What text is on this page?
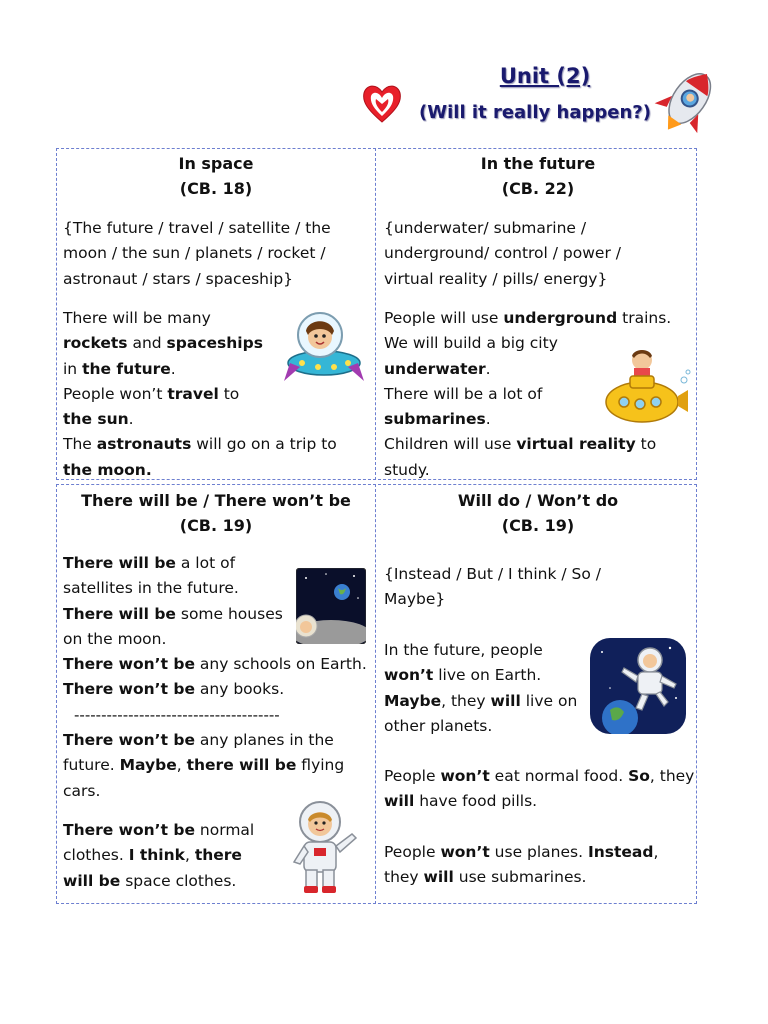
Unit (2)
(Will it really happen?)
In space
(CB. 18)
{The future / travel / satellite / the
moon / the sun / planets / rocket /
astronaut / stars / spaceship}
There will be many
rockets and spaceships
in the future.
People won’t travel to
the sun.
The astronauts will go on a trip to
the moon.
In the future
(CB. 22)
{underwater/ submarine /
underground/ control / power /
virtual reality / pills/ energy}
People will use underground trains.
We will build a big city
underwater.
There will be a lot of
submarines.
Children will use virtual reality to
study.
There will be / There won’t be
(CB. 19)
There will be a lot of
satellites in the future.
There will be some houses
on the moon.
There won’t be any schools on Earth.
There won’t be any books.
--------------------------------------
There won’t be any planes in the
future. Maybe, there will be flying
cars.
There won’t be normal
clothes. I think, there
will be space clothes.
Will do / Won’t do
(CB. 19)
{Instead / But / I think / So /
Maybe}
In the future, people
won’t live on Earth.
Maybe, they will live on
other planets.
People won’t eat normal food. So, they
will have food pills.
People won’t use planes. Instead,
they will use submarines.
